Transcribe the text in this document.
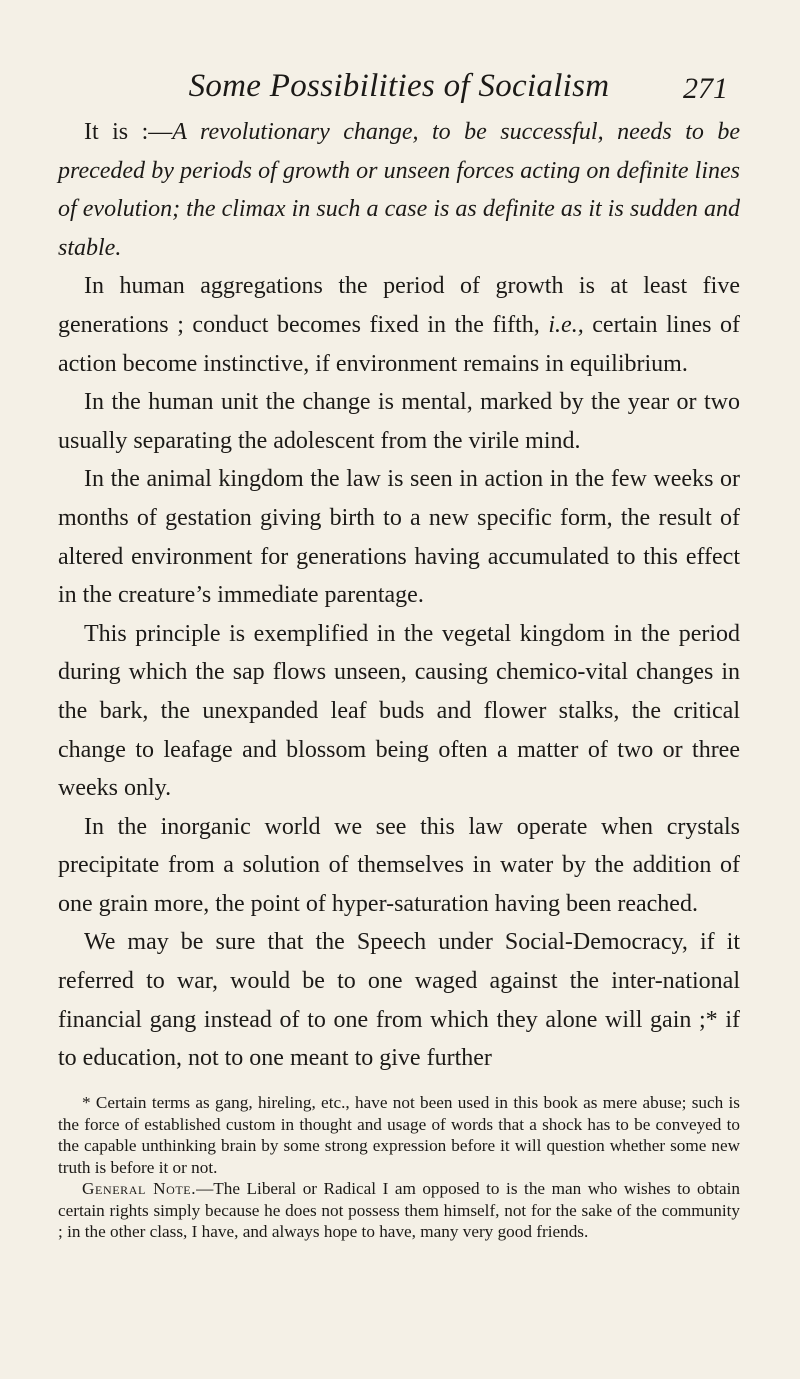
Some Possibilities of Socialism	271

It is :—A revolutionary change, to be successful, needs to be preceded by periods of growth or unseen forces acting on definite lines of evolution; the climax in such a case is as definite as it is sudden and stable.

In human aggregations the period of growth is at least five generations ; conduct becomes fixed in the fifth, i.e., certain lines of action become instinctive, if environment remains in equilibrium.

In the human unit the change is mental, marked by the year or two usually separating the adolescent from the virile mind.

In the animal kingdom the law is seen in action in the few weeks or months of gestation giving birth to a new specific form, the result of altered environment for generations having accumulated to this effect in the creature’s immediate parentage.

This principle is exemplified in the vegetal kingdom in the period during which the sap flows unseen, causing chemico-vital changes in the bark, the unexpanded leaf buds and flower stalks, the critical change to leafage and blossom being often a matter of two or three weeks only.

In the inorganic world we see this law operate when crystals precipitate from a solution of themselves in water by the addition of one grain more, the point of hyper-saturation having been reached.

We may be sure that the Speech under Social-Democracy, if it referred to war, would be to one waged against the inter-national financial gang instead of to one from which they alone will gain ;* if to education, not to one meant to give further

* Certain terms as gang, hireling, etc., have not been used in this book as mere abuse; such is the force of established custom in thought and usage of words that a shock has to be conveyed to the capable unthinking brain by some strong expression before it will question whether some new truth is before it or not.

General Note.—The Liberal or Radical I am opposed to is the man who wishes to obtain certain rights simply because he does not possess them himself, not for the sake of the community ; in the other class, I have, and always hope to have, many very good friends.
